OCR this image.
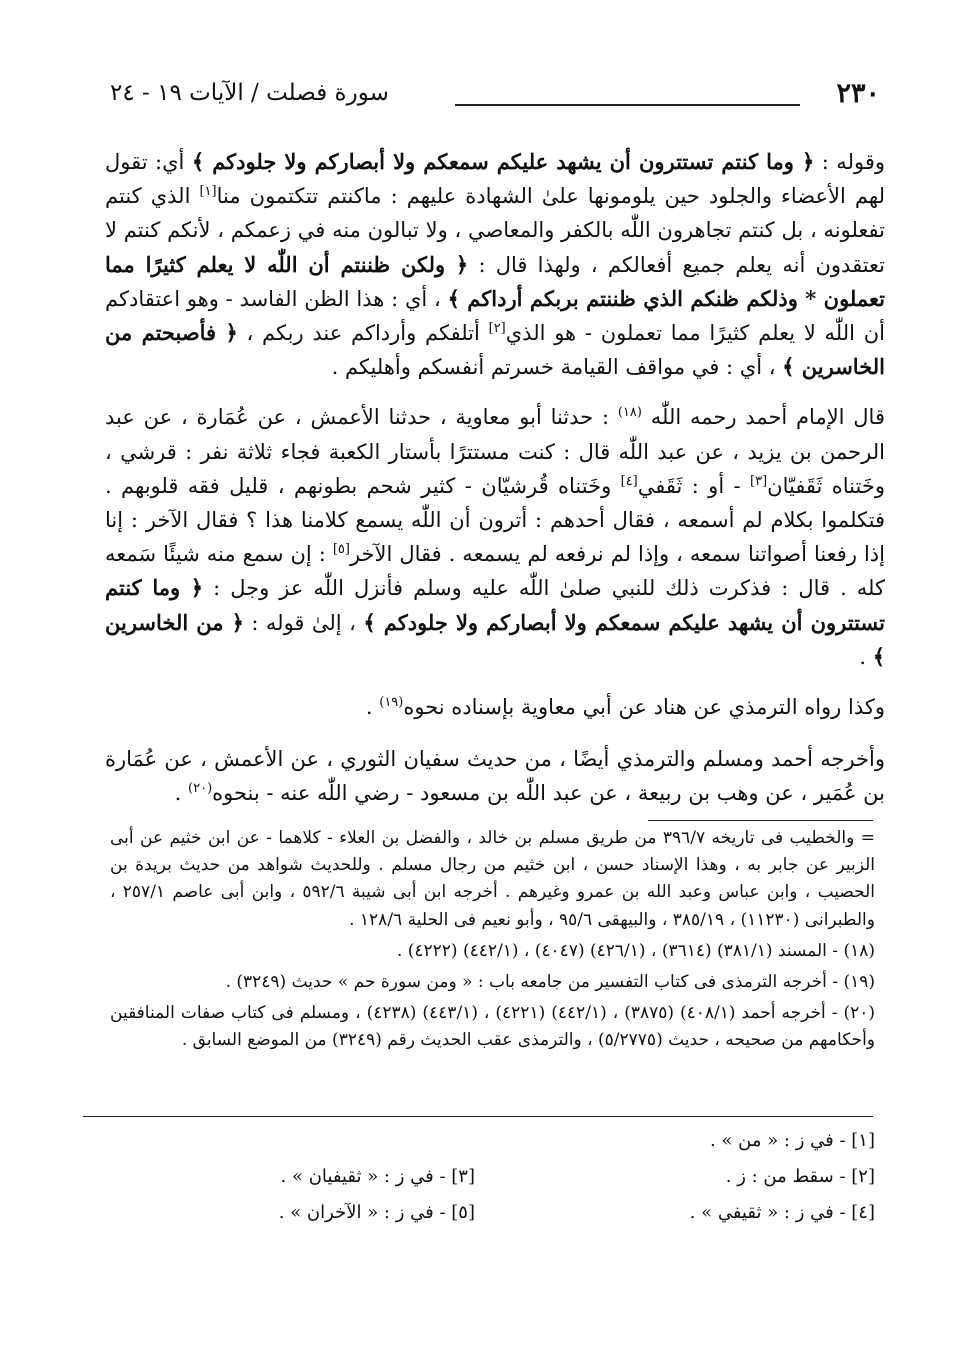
٢٣٠
سورة فصلت / الآيات ١٩ - ٢٤

وقوله : ﴿ وما كنتم تستترون أن يشهد عليكم سمعكم ولا أبصاركم ولا جلودكم ﴾ أي: تقول لهم الأعضاء والجلود حين يلومونها علىٰ الشهادة عليهم : ماكنتم تتكتمون منا[١] الذي كنتم تفعلونه ، بل كنتم تجاهرون اللّٰه بالكفر والمعاصي ، ولا تبالون منه في زعمكم ، لأنكم كنتم لا تعتقدون أنه يعلم جميع أفعالكم ، ولهذا قال : ﴿ ولكن ظننتم أن اللّٰه لا يعلم كثيرًا مما تعملون * وذلكم ظنكم الذي ظننتم بربكم أرداكم ﴾ ، أي : هذا الظن الفاسد - وهو اعتقادكم أن اللّٰه لا يعلم كثيرًا مما تعملون - هو الذي[٢] أتلفكم وأرداكم عند ربكم ، ﴿ فأصبحتم من الخاسرين ﴾ ، أي : في مواقف القيامة خسرتم أنفسكم وأهليكم .

قال الإمام أحمد رحمه اللّٰه $^{(١٨)}$ : حدثنا أبو معاوية ، حدثنا الأعمش ، عن عُمَارة ، عن عبد الرحمن بن يزيد ، عن عبد اللّٰه قال : كنت مستترًا بأستار الكعبة فجاء ثلاثة نفر : قرشي ، وخَتناه ثَقَفيّان[٣] - أو : ثَقَفي[٤] وخَتناه قُرشيّان - كثير شحم بطونهم ، قليل فقه قلوبهم . فتكلموا بكلام لم أسمعه ، فقال أحدهم : أترون أن اللّٰه يسمع كلامنا هذا ؟ فقال الآخر : إنا إذا رفعنا أصواتنا سمعه ، وإذا لم نرفعه لم يسمعه . فقال الآخر[٥] : إن سمع منه شيئًا سَمعه كله . قال : فذكرت ذلك للنبي صلىٰ اللّٰه عليه وسلم فأنزل اللّٰه عز وجل : ﴿ وما كنتم تستترون أن يشهد عليكم سمعكم ولا أبصاركم ولا جلودكم ﴾ ، إلىٰ قوله : ﴿ من الخاسرين ﴾ .

وكذا رواه الترمذي عن هناد عن أبي معاوية بإسناده نحوه$^{(١٩)}$ .

وأخرجه أحمد ومسلم والترمذي أيضًا ، من حديث سفيان الثوري ، عن الأعمش ، عن عُمَارة بن عُمَير ، عن وهب بن ربيعة ، عن عبد اللّٰه بن مسعود - رضي اللّٰه عنه - بنحوه$^{(٢٠)}$ .

= والخطيب فى تاريخه ٣٩٦/٧ من طريق مسلم بن خالد ، والفضل بن العلاء - كلاهما - عن ابن خثيم عن أبى الزبير عن جابر به ، وهذا الإسناد حسن ، ابن خثيم من رجال مسلم . وللحديث شواهد من حديث بريدة بن الحصيب ، وابن عباس وعبد الله بن عمرو وغيرهم . أخرجه ابن أبى شيبة ٥٩٢/٦ ، وابن أبى عاصم ٢٥٧/١ ، والطبرانى (١١٢٣٠) ، ٣٨٥/١٩ ، والبيهقى ٩٥/٦ ، وأبو نعيم فى الحلية ١٢٨/٦ .

(١٨) - المسند (٣٨١/١) (٣٦١٤) ، (٤٢٦/١) (٤٠٤٧) ، (٤٤٢/١) (٤٢٢٢) .

(١٩) - أخرجه الترمذى فى كتاب التفسير من جامعه باب : « ومن سورة حم » حديث (٣٢٤٩) .

(٢٠) - أخرجه أحمد (٤٠٨/١) (٣٨٧٥) ، (٤٤٢/١) (٤٢٢١) ، (٤٤٣/١) (٤٢٣٨) ، ومسلم فى كتاب صفات المنافقين وأحكامهم من صحيحه ، حديث (٥/٢٧٧٥) ، والترمذى عقب الحديث رقم (٣٢٤٩) من الموضع السابق .

[١] - في ز : « من » .
[٢] - سقط من : ز .
[٣] - في ز : « ثقيفيان » .
[٤] - في ز : « ثقيفي » .
[٥] - في ز : « الآخران » .
